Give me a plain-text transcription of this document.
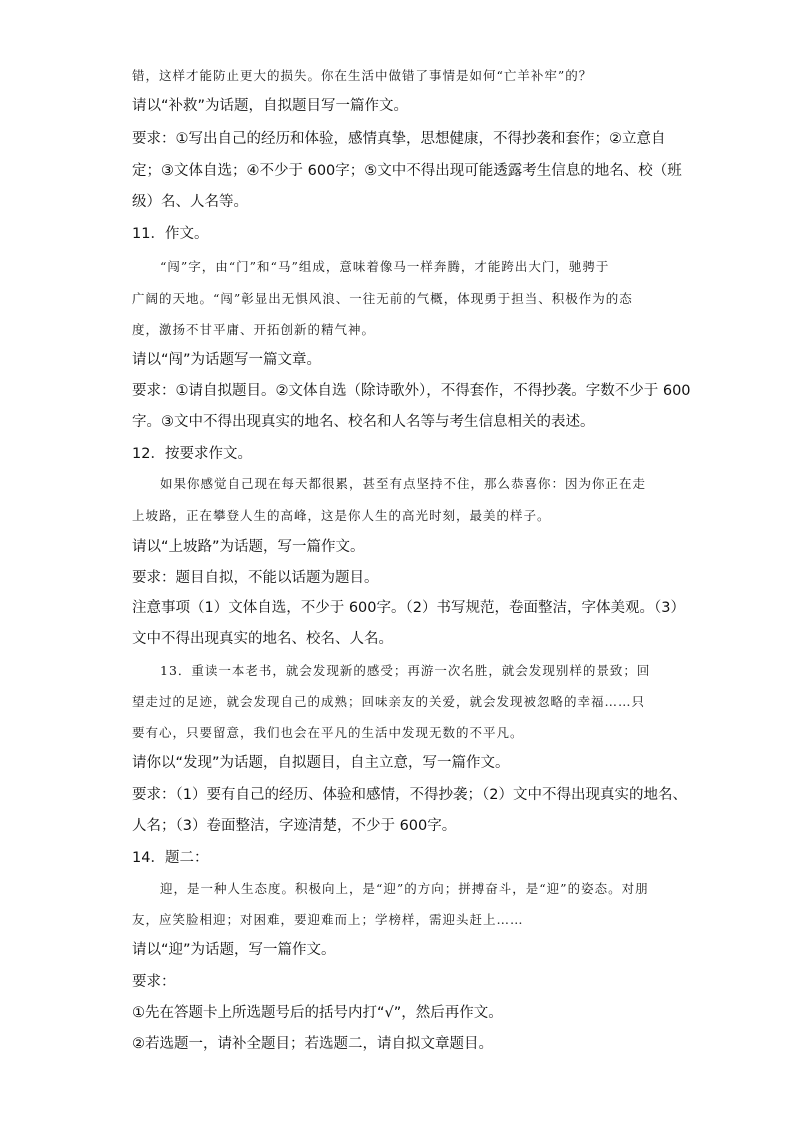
错，这样才能防止更大的损失。你在生活中做错了事情是如何“亡羊补牢”的？
请以“补救”为话题，自拟题目写一篇作文。
要求：①写出自己的经历和体验，感情真挚，思想健康，不得抄袭和套作；②立意自
定；③文体自选；④不少于 600字；⑤文中不得出现可能透露考生信息的地名、校（班
级）名、人名等。
11．作文。
“闯”字，由“门”和“马”组成，意味着像马一样奔腾，才能跨出大门，驰骋于
广阔的天地。“闯”彰显出无惧风浪、一往无前的气概，体现勇于担当、积极作为的态
度，激扬不甘平庸、开拓创新的精气神。
请以“闯”为话题写一篇文章。
要求：①请自拟题目。②文体自选（除诗歌外），不得套作，不得抄袭。字数不少于 600
字。③文中不得出现真实的地名、校名和人名等与考生信息相关的表述。
12．按要求作文。
如果你感觉自己现在每天都很累，甚至有点坚持不住，那么恭喜你：因为你正在走
上坡路，正在攀登人生的高峰，这是你人生的高光时刻，最美的样子。
请以“上坡路”为话题，写一篇作文。
要求：题目自拟，不能以话题为题目。
注意事项（1）文体自选，不少于 600字。（2）书写规范，卷面整洁，字体美观。（3）
文中不得出现真实的地名、校名、人名。
13．重读一本老书，就会发现新的感受；再游一次名胜，就会发现别样的景致；回
望走过的足迹，就会发现自己的成熟；回味亲友的关爱，就会发现被忽略的幸福……只
要有心，只要留意，我们也会在平凡的生活中发现无数的不平凡。
请你以“发现”为话题，自拟题目，自主立意，写一篇作文。
要求：（1）要有自己的经历、体验和感情，不得抄袭；（2）文中不得出现真实的地名、
人名；（3）卷面整洁，字迹清楚，不少于 600字。
14．题二：
迎，是一种人生态度。积极向上，是“迎”的方向；拼搏奋斗，是“迎”的姿态。对朋
友，应笑脸相迎；对困难，要迎难而上；学榜样，需迎头赶上……
请以“迎”为话题，写一篇作文。
要求：
①先在答题卡上所选题号后的括号内打“√”，然后再作文。
②若选题一，请补全题目；若选题二，请自拟文章题目。
